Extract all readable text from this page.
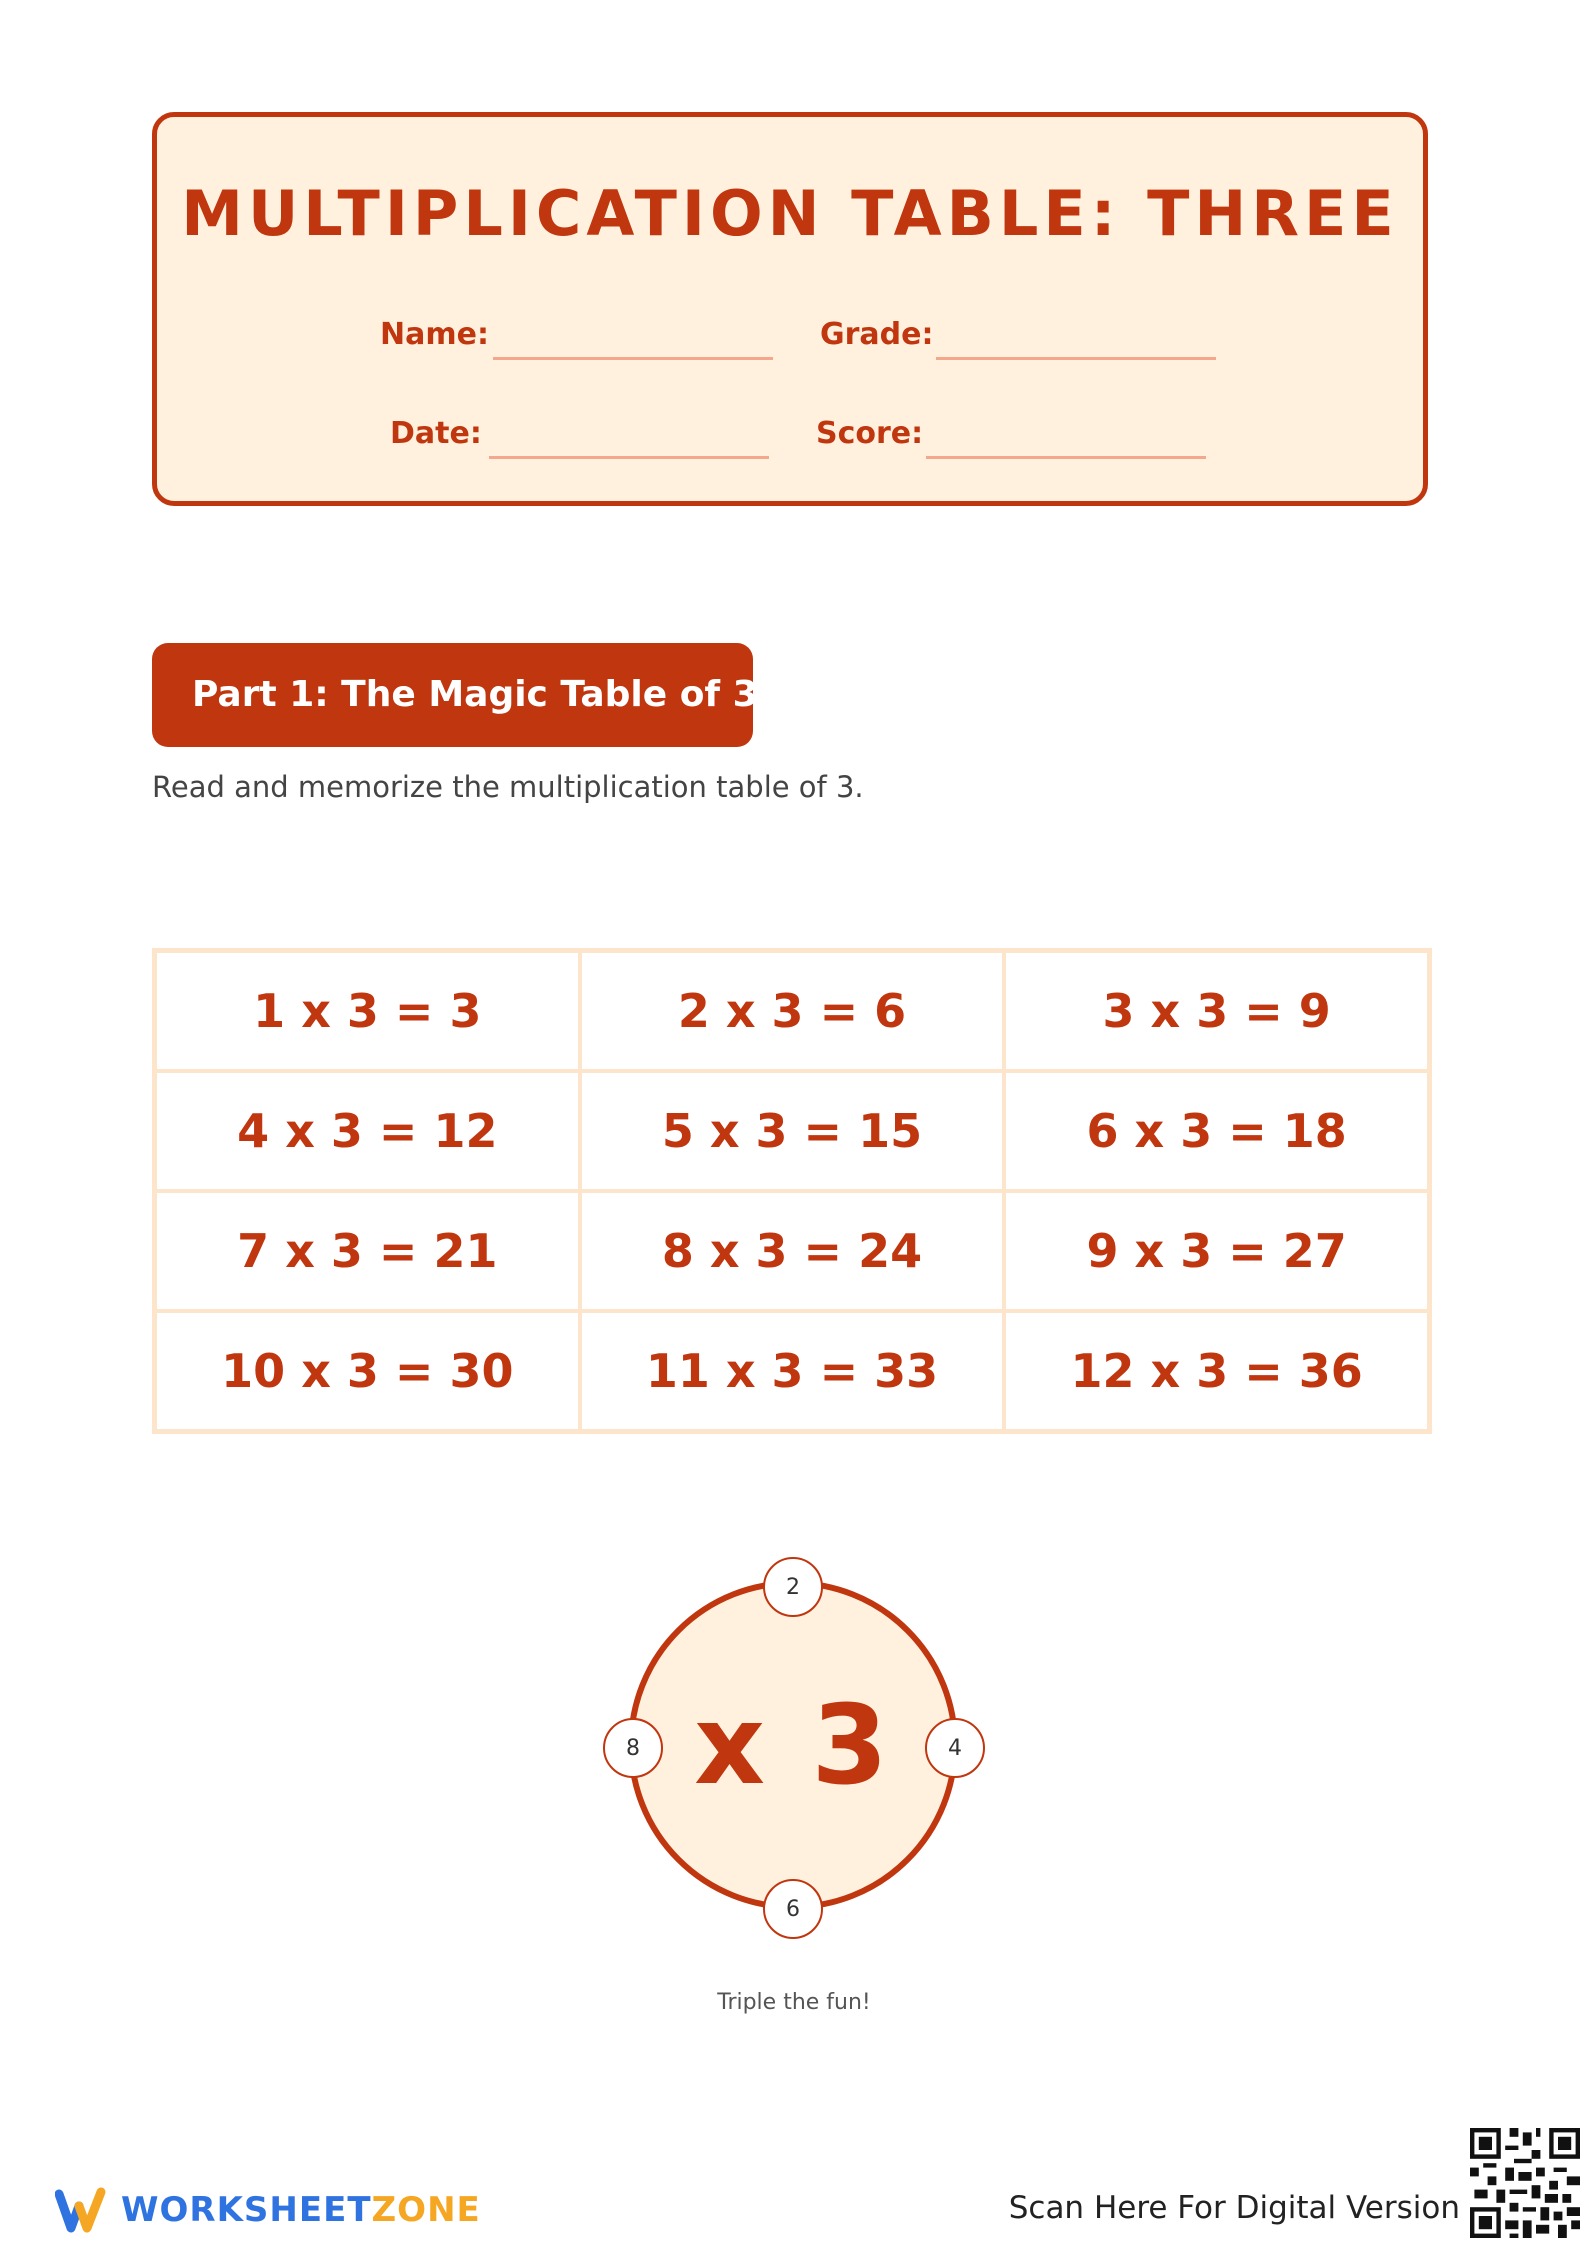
MULTIPLICATION TABLE: THREE
Name:	Grade:
Date:	Score:
Part 1: The Magic Table of 3
Read and memorize the multiplication table of 3.
1 x 3 = 3	2 x 3 = 6	3 x 3 = 9
4 x 3 = 12	5 x 3 = 15	6 x 3 = 18
7 x 3 = 21	8 x 3 = 24	9 x 3 = 27
10 x 3 = 30	11 x 3 = 33	12 x 3 = 36
x 3
2
4
6
8
Triple the fun!
WORKSHEETZONE	Scan Here For Digital Version
